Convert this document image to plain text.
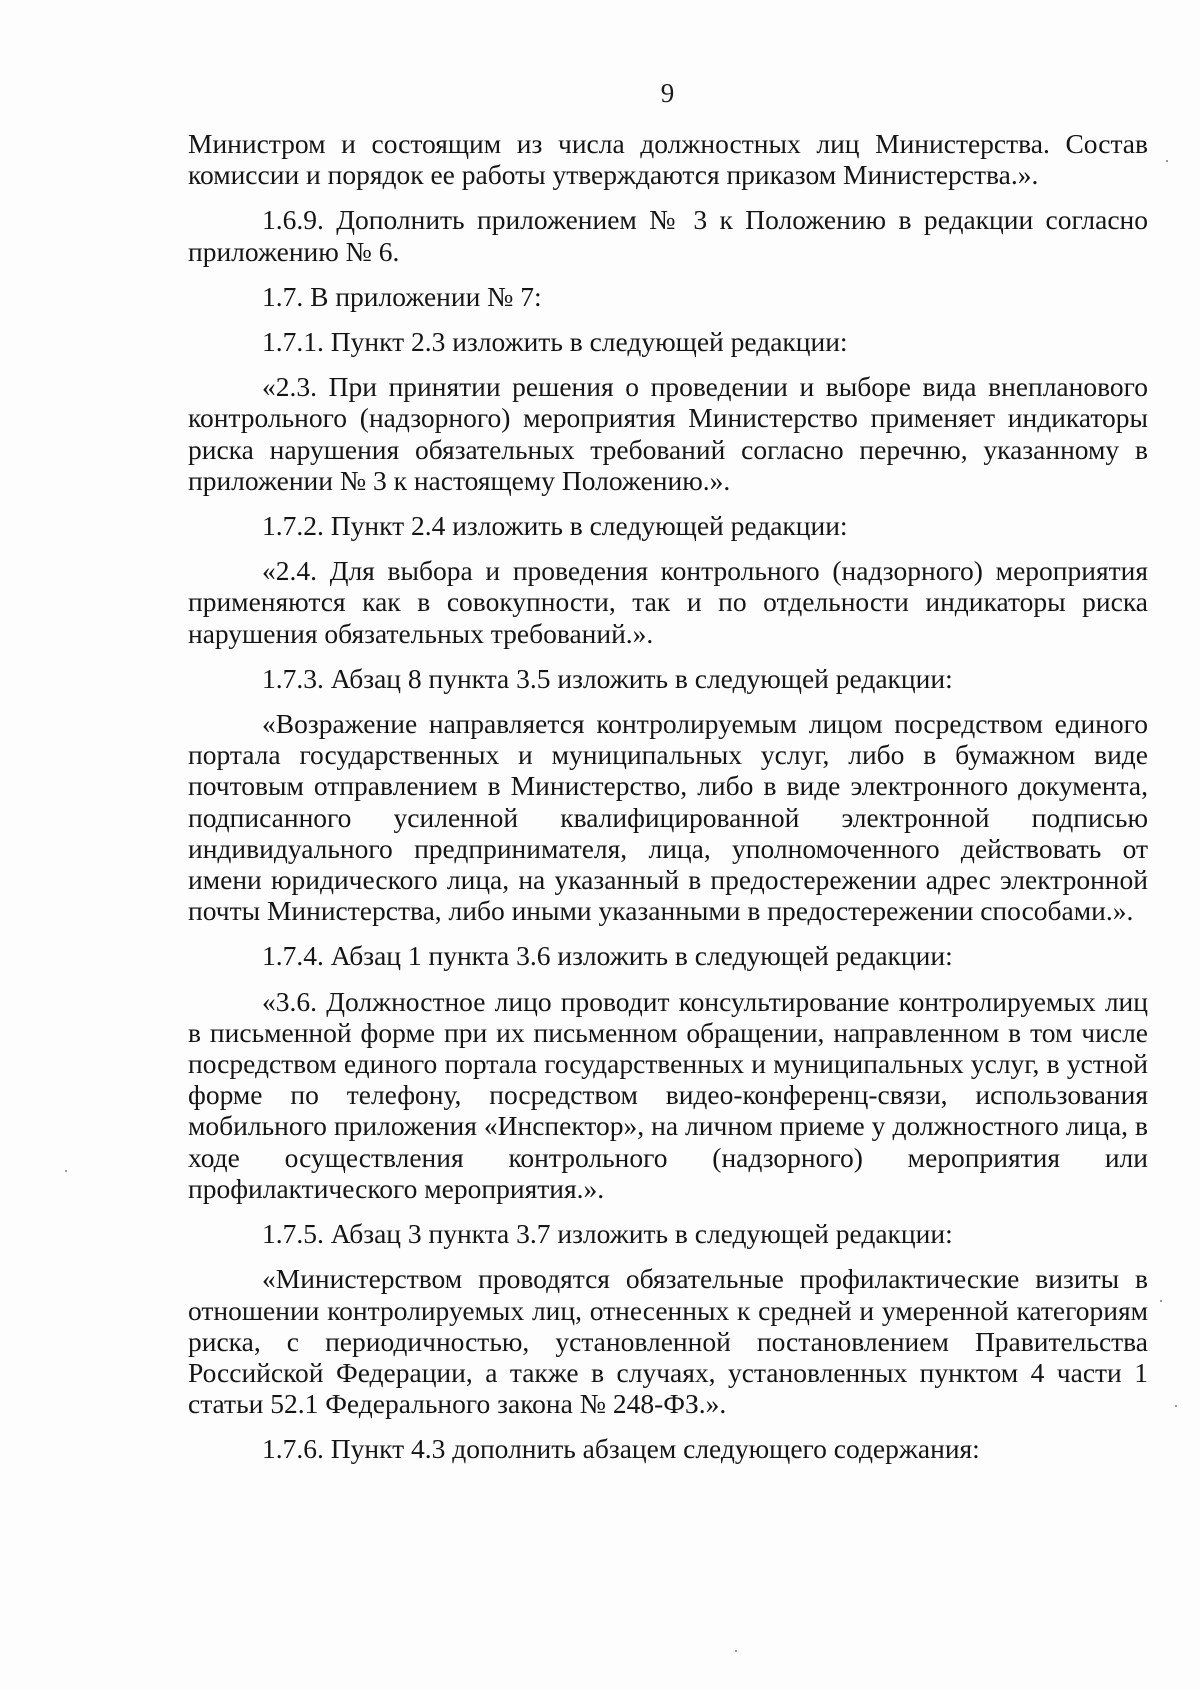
9

Министром и состоящим из числа должностных лиц Министерства. Состав комиссии и порядок ее работы утверждаются приказом Министерства.».

1.6.9. Дополнить приложением № 3 к Положению в редакции согласно приложению № 6.

1.7. В приложении № 7:

1.7.1. Пункт 2.3 изложить в следующей редакции:

«2.3. При принятии решения о проведении и выборе вида внепланового контрольного (надзорного) мероприятия Министерство применяет индикаторы риска нарушения обязательных требований согласно перечню, указанному в приложении № 3 к настоящему Положению.».

1.7.2. Пункт 2.4 изложить в следующей редакции:

«2.4. Для выбора и проведения контрольного (надзорного) мероприятия применяются как в совокупности, так и по отдельности индикаторы риска нарушения обязательных требований.».

1.7.3. Абзац 8 пункта 3.5 изложить в следующей редакции:

«Возражение направляется контролируемым лицом посредством единого портала государственных и муниципальных услуг, либо в бумажном виде почтовым отправлением в Министерство, либо в виде электронного документа, подписанного усиленной квалифицированной электронной подписью индивидуального предпринимателя, лица, уполномоченного действовать от имени юридического лица, на указанный в предостережении адрес электронной почты Министерства, либо иными указанными в предостережении способами.».

1.7.4. Абзац 1 пункта 3.6 изложить в следующей редакции:

«3.6. Должностное лицо проводит консультирование контролируемых лиц в письменной форме при их письменном обращении, направленном в том числе посредством единого портала государственных и муниципальных услуг, в устной форме по телефону, посредством видео-конференц-связи, использования мобильного приложения «Инспектор», на личном приеме у должностного лица, в ходе осуществления контрольного (надзорного) мероприятия или профилактического мероприятия.».

1.7.5. Абзац 3 пункта 3.7 изложить в следующей редакции:

«Министерством проводятся обязательные профилактические визиты в отношении контролируемых лиц, отнесенных к средней и умеренной категориям риска, с периодичностью, установленной постановлением Правительства Российской Федерации, а также в случаях, установленных пунктом 4 части 1 статьи 52.1 Федерального закона № 248-ФЗ.».

1.7.6. Пункт 4.3 дополнить абзацем следующего содержания:
